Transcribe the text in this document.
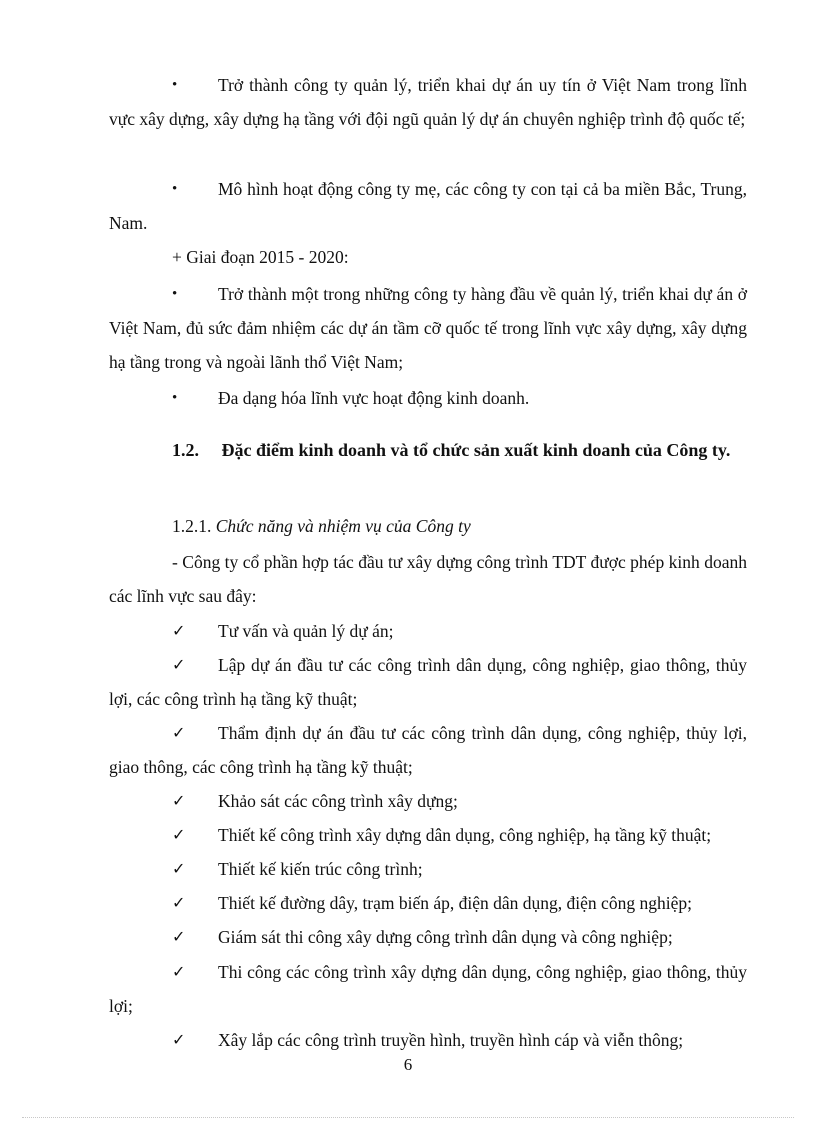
•	Trở thành công ty quản lý, triển khai dự án uy tín ở Việt Nam trong lĩnh vực xây dựng, xây dựng hạ tầng với đội ngũ quản lý dự án chuyên nghiệp trình độ quốc tế;
•	Mô hình hoạt động công ty mẹ, các công ty con tại cả ba miền Bắc, Trung, Nam.
+ Giai đoạn 2015 - 2020:
•	Trở thành một trong những công ty hàng đầu về quản lý, triển khai dự án ở Việt Nam, đủ sức đảm nhiệm các dự án tầm cỡ quốc tế trong lĩnh vực xây dựng, xây dựng hạ tầng trong và ngoài lãnh thổ Việt Nam;
•	Đa dạng hóa lĩnh vực hoạt động kinh doanh.
1.2. Đặc điểm kinh doanh và tổ chức sản xuất kinh doanh của Công ty.
1.2.1. Chức năng và nhiệm vụ của Công ty
- Công ty cổ phần hợp tác đầu tư xây dựng công trình TDT được phép kinh doanh các lĩnh vực sau đây:
✓	Tư vấn và quản lý dự án;
✓	Lập dự án đầu tư các công trình dân dụng, công nghiệp, giao thông, thủy lợi, các công trình hạ tầng kỹ thuật;
✓	Thẩm định dự án đầu tư các công trình dân dụng, công nghiệp, thủy lợi, giao thông, các công trình hạ tầng kỹ thuật;
✓	Khảo sát các công trình xây dựng;
✓	Thiết kế công trình xây dựng dân dụng, công nghiệp, hạ tầng kỹ thuật;
✓	Thiết kế kiến trúc công trình;
✓	Thiết kế đường dây, trạm biến áp, điện dân dụng, điện công nghiệp;
✓	Giám sát thi công xây dựng công trình dân dụng và công nghiệp;
✓	Thi công các công trình xây dựng dân dụng, công nghiệp, giao thông, thủy lợi;
✓	Xây lắp các công trình truyền hình, truyền hình cáp và viễn thông;
6
